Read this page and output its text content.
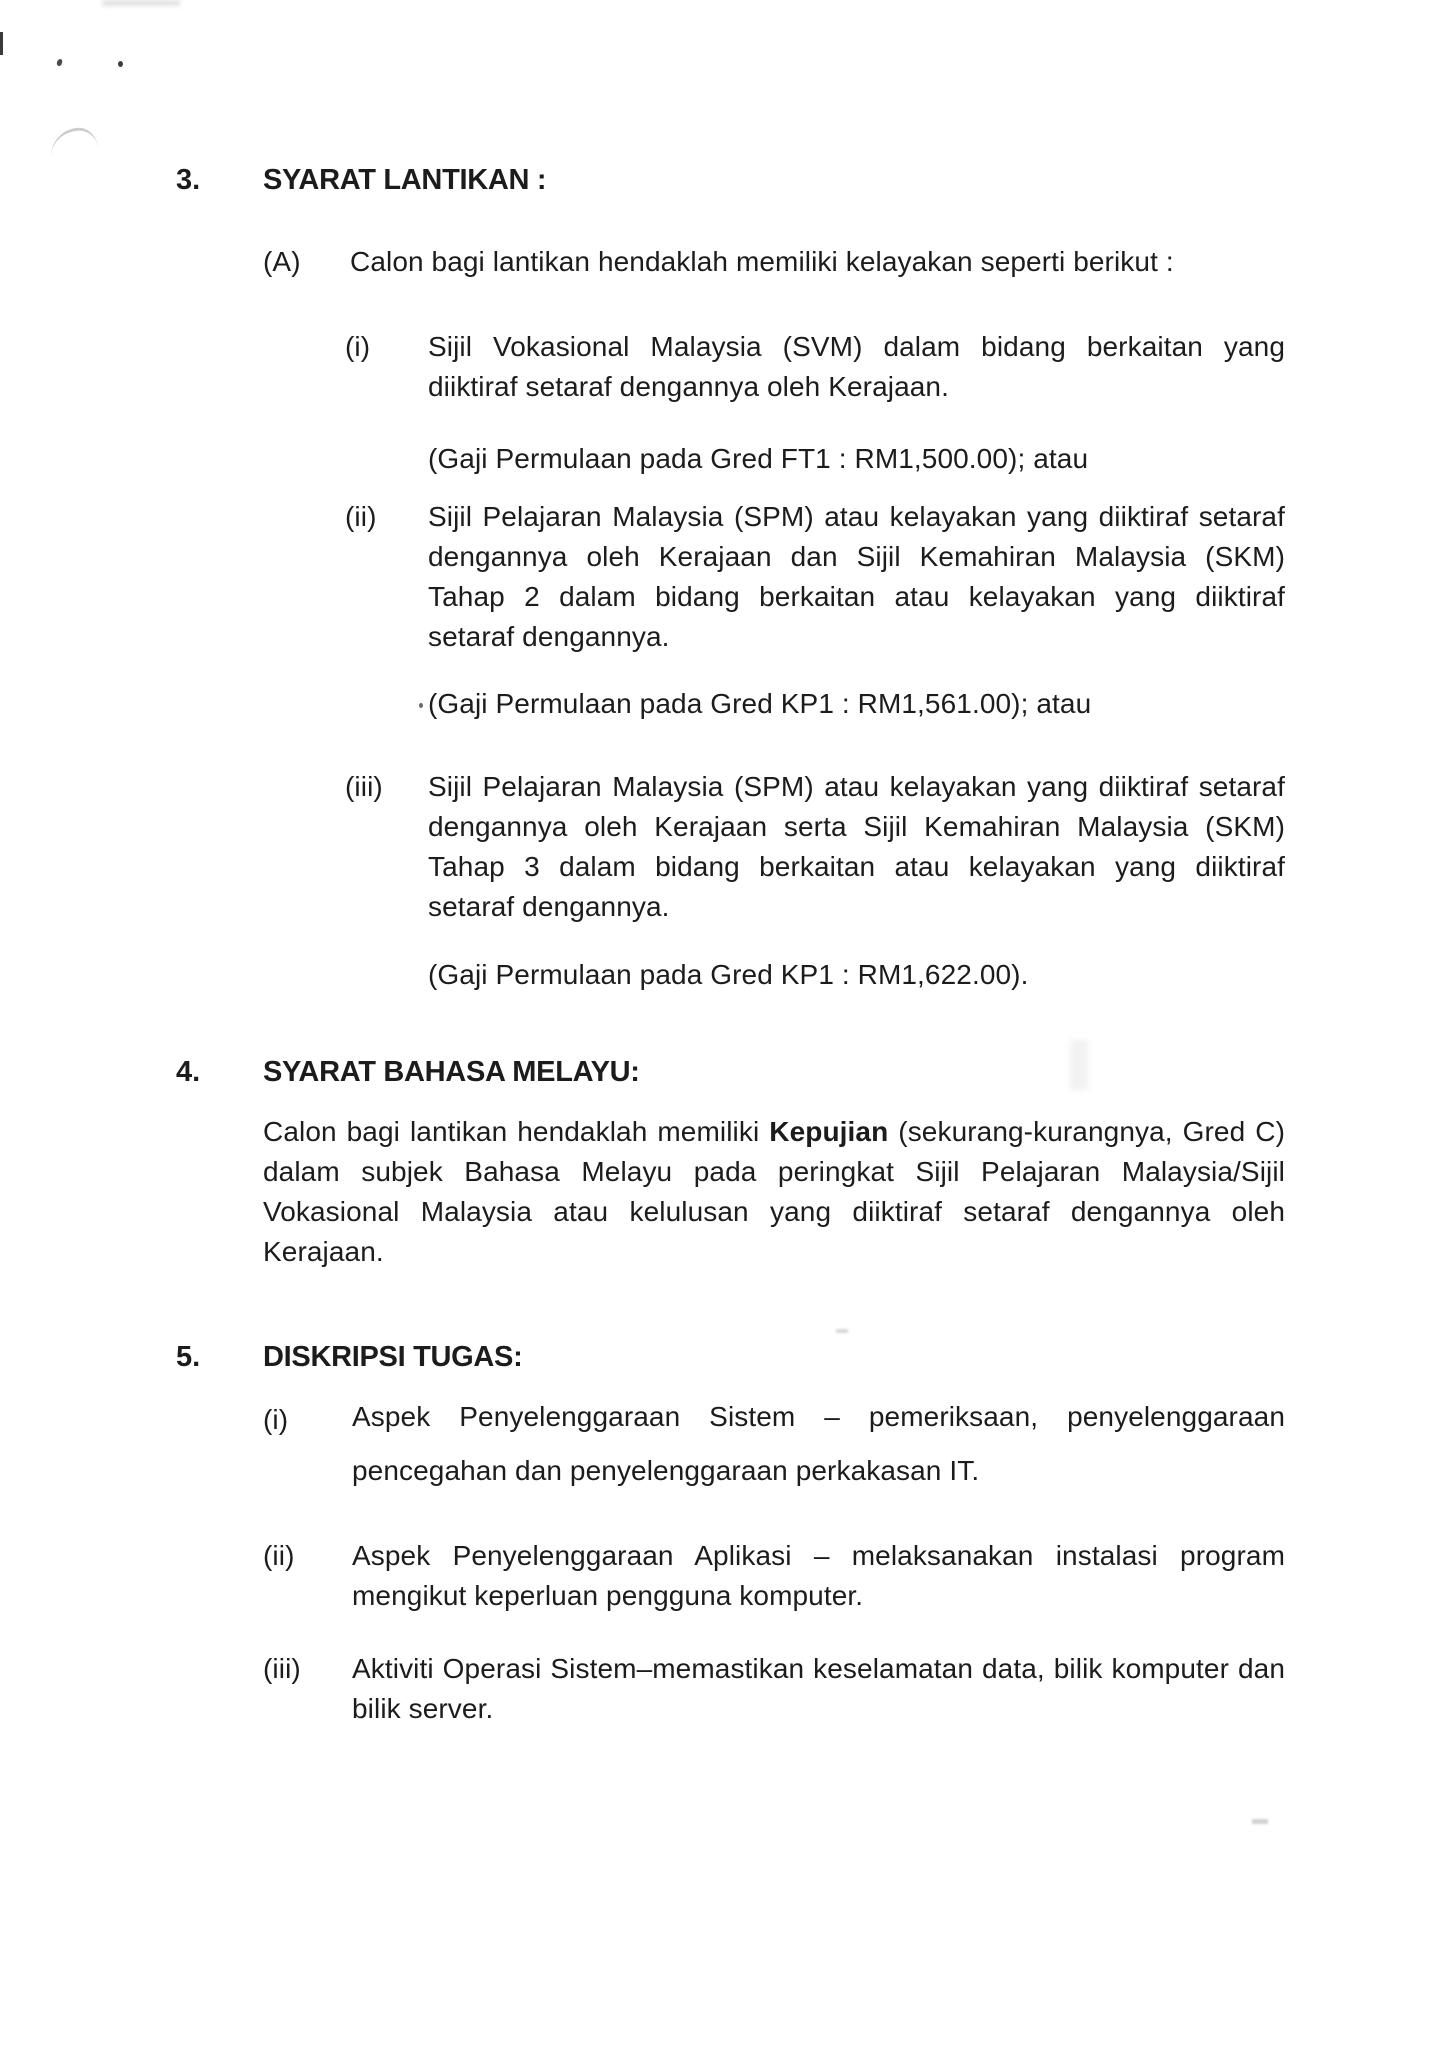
3. SYARAT LANTIKAN :
(A) Calon bagi lantikan hendaklah memiliki kelayakan seperti berikut :
(i) Sijil Vokasional Malaysia (SVM) dalam bidang berkaitan yang
diiktiraf setaraf dengannya oleh Kerajaan.
(Gaji Permulaan pada Gred FT1 : RM1,500.00); atau
(ii) Sijil Pelajaran Malaysia (SPM) atau kelayakan yang diiktiraf setaraf
dengannya oleh Kerajaan dan Sijil Kemahiran Malaysia (SKM)
Tahap 2 dalam bidang berkaitan atau kelayakan yang diiktiraf
setaraf dengannya.
(Gaji Permulaan pada Gred KP1 : RM1,561.00); atau
(iii) Sijil Pelajaran Malaysia (SPM) atau kelayakan yang diiktiraf setaraf
dengannya oleh Kerajaan serta Sijil Kemahiran Malaysia (SKM)
Tahap 3 dalam bidang berkaitan atau kelayakan yang diiktiraf
setaraf dengannya.
(Gaji Permulaan pada Gred KP1 : RM1,622.00).
4. SYARAT BAHASA MELAYU:
Calon bagi lantikan hendaklah memiliki Kepujian (sekurang-kurangnya, Gred C)
dalam subjek Bahasa Melayu pada peringkat Sijil Pelajaran Malaysia/Sijil
Vokasional Malaysia atau kelulusan yang diiktiraf setaraf dengannya oleh
Kerajaan.
5. DISKRIPSI TUGAS:
(i) Aspek Penyelenggaraan Sistem – pemeriksaan, penyelenggaraan
pencegahan dan penyelenggaraan perkakasan IT.
(ii) Aspek Penyelenggaraan Aplikasi – melaksanakan instalasi program
mengikut keperluan pengguna komputer.
(iii) Aktiviti Operasi Sistem–memastikan keselamatan data, bilik komputer dan
bilik server.
